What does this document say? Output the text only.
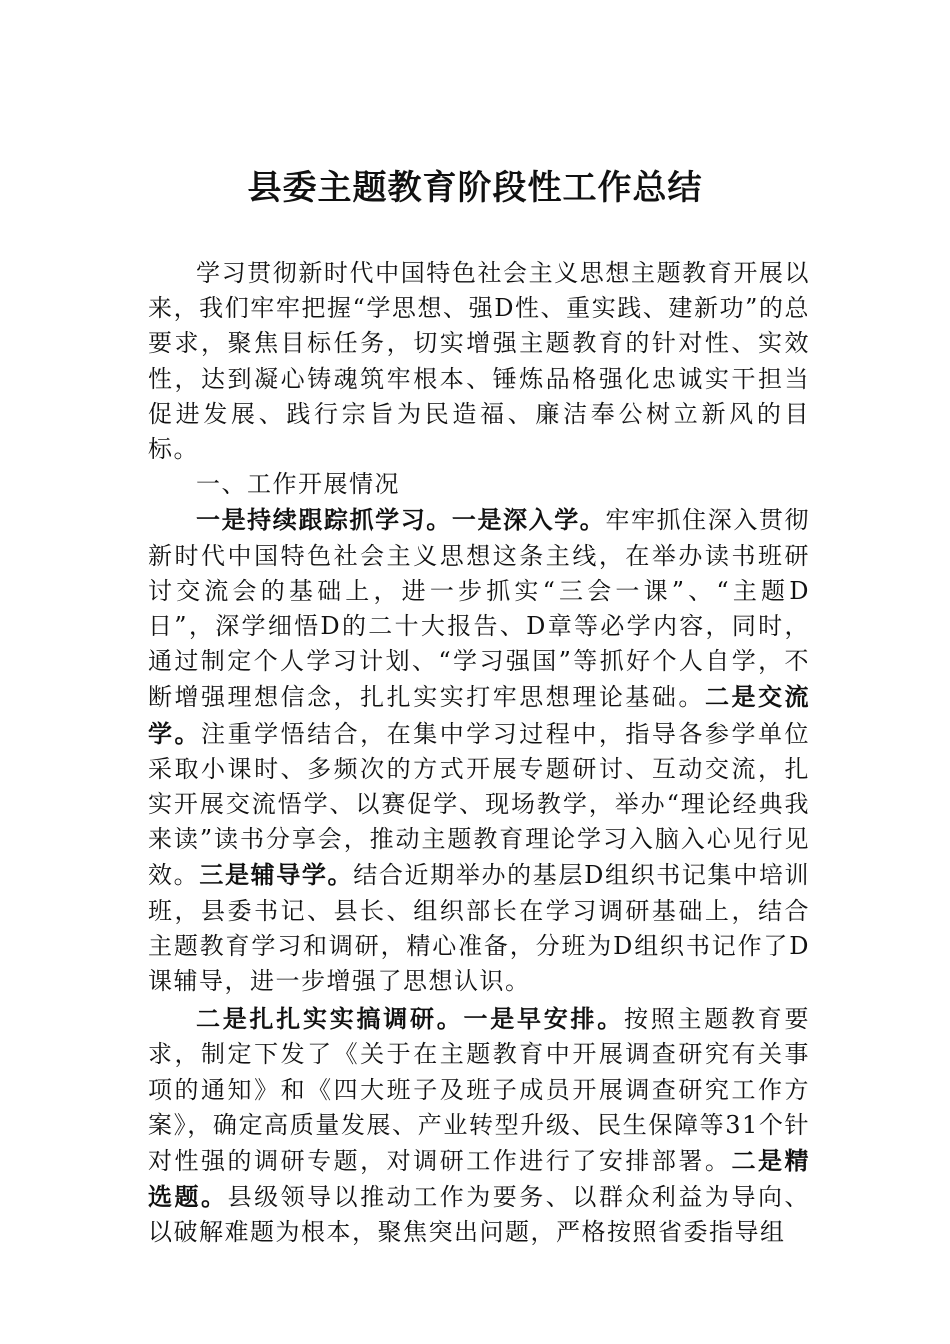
县委主题教育阶段性工作总结

学习贯彻新时代中国特色社会主义思想主题教育开展以来，我们牢牢把握“学思想、强D性、重实践、建新功”的总要求，聚焦目标任务，切实增强主题教育的针对性、实效性，达到凝心铸魂筑牢根本、锤炼品格强化忠诚实干担当促进发展、践行宗旨为民造福、廉洁奉公树立新风的目标。

一、工作开展情况

一是持续跟踪抓学习。一是深入学。牢牢抓住深入贯彻新时代中国特色社会主义思想这条主线，在举办读书班研讨交流会的基础上，进一步抓实“三会一课”、“主题D日”，深学细悟D的二十大报告、D章等必学内容，同时，通过制定个人学习计划、“学习强国”等抓好个人自学，不断增强理想信念，扎扎实实打牢思想理论基础。二是交流学。注重学悟结合，在集中学习过程中，指导各参学单位采取小课时、多频次的方式开展专题研讨、互动交流，扎实开展交流悟学、以赛促学、现场教学，举办“理论经典我来读”读书分享会，推动主题教育理论学习入脑入心见行见效。三是辅导学。结合近期举办的基层D组织书记集中培训班，县委书记、县长、组织部长在学习调研基础上，结合主题教育学习和调研，精心准备，分班为D组织书记作了D课辅导，进一步增强了思想认识。

二是扎扎实实搞调研。一是早安排。按照主题教育要求，制定下发了《关于在主题教育中开展调查研究有关事项的通知》和《四大班子及班子成员开展调查研究工作方案》，确定高质量发展、产业转型升级、民生保障等31个针对性强的调研专题，对调研工作进行了安排部署。二是精选题。县级领导以推动工作为要务、以群众利益为导向、以破解难题为根本，聚焦突出问题，严格按照省委指导组
